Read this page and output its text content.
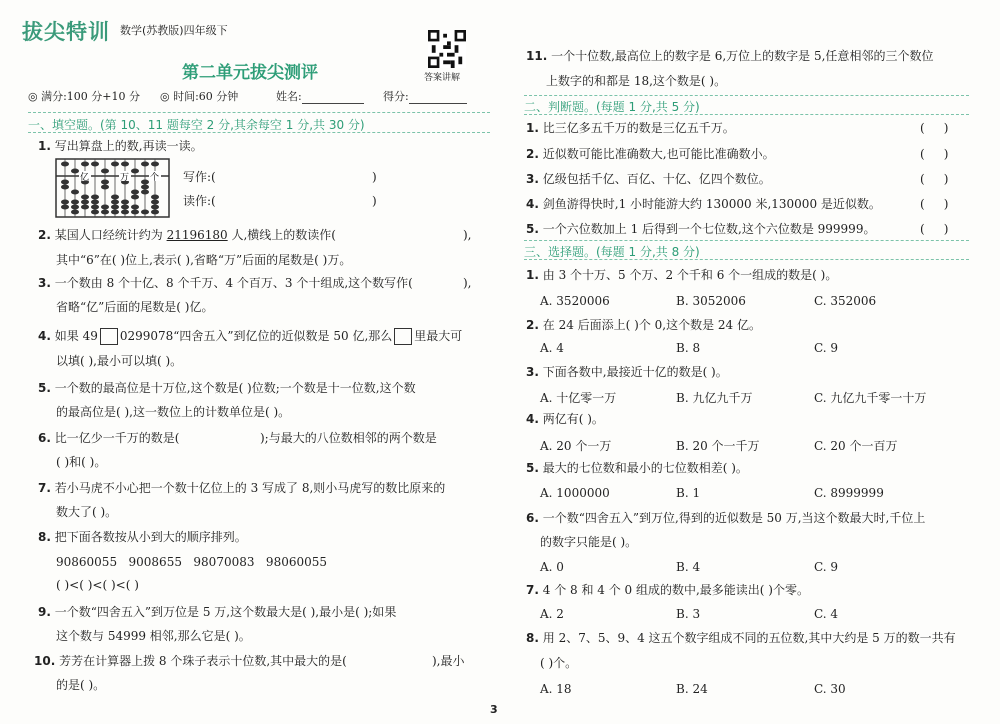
拔尖特训 数学(苏教版)四年级下
答案讲解
第二单元拔尖测评
◎ 满分:100 分+10 分 ◎ 时间:60 分钟	姓名:	得分:
一、填空题。(第 10、11 题每空 2 分,其余每空 1 分,共 30 分)
1. 写出算盘上的数,再读一读。
亿	万 个 写作:(	)
读作:(	)
2. 某国人口经统计约为 21196180 人,横线上的数读作(	),
其中“6”在( )位上,表示( ),省略“万”后面的尾数是( )万。
3. 一个数由 8 个十亿、8 个千万、4 个百万、3 个十组成,这个数写作(	),
省略“亿”后面的尾数是( )亿。
4. 如果 49 0299078“四舍五入”到亿位的近似数是 50 亿,那么 里最大可
以填( ),最小可以填( )。
5. 一个数的最高位是十万位,这个数是( )位数;一个数是十一位数,这个数
的最高位是( ),这一数位上的计数单位是( )。
6. 比一亿少一千万的数是(	);与最大的八位数相邻的两个数是
( )和( )。
7. 若小马虎不小心把一个数十亿位上的 3 写成了 8,则小马虎写的数比原来的
数大了( )。
8. 把下面各数按从小到大的顺序排列。
90860055   9008655   98070083   98060055
( )<( )<( )<( )
9. 一个数“四舍五入”到万位是 5 万,这个数最大是( ),最小是( );如果
这个数与 54999 相邻,那么它是( )。
10. 芳芳在计算器上拨 8 个珠子表示十位数,其中最大的是(	),最小
的是( )。
3
11. 一个十位数,最高位上的数字是 6,万位上的数字是 5,任意相邻的三个数位
上数字的和都是 18,这个数是( )。
二、判断题。(每题 1 分,共 5 分)
1. 比三亿多五千万的数是三亿五千万。	(     )
2. 近似数可能比准确数大,也可能比准确数小。	(     )
3. 亿级包括千亿、百亿、十亿、亿四个数位。	(     )
4. 剑鱼游得快时,1 小时能游大约 130000 米,130000 是近似数。	(     )
5. 一个六位数加上 1 后得到一个七位数,这个六位数是 999999。	(     )
三、选择题。(每题 1 分,共 8 分)
1. 由 3 个十万、5 个万、2 个千和 6 个一组成的数是( )。
A. 3520006	B. 3052006	C. 352006
2. 在 24 后面添上( )个 0,这个数是 24 亿。
A. 4	B. 8	C. 9
3. 下面各数中,最接近十亿的数是( )。
A. 十亿零一万	B. 九亿九千万	C. 九亿九千零一十万
4. 两亿有( )。
A. 20 个一万	B. 20 个一千万	C. 20 个一百万
5. 最大的七位数和最小的七位数相差( )。
A. 1000000	B. 1	C. 8999999
6. 一个数“四舍五入”到万位,得到的近似数是 50 万,当这个数最大时,千位上
的数字只能是( )。
A. 0	B. 4	C. 9
7. 4 个 8 和 4 个 0 组成的数中,最多能读出( )个零。
A. 2	B. 3	C. 4
8. 用 2、7、5、9、4 这五个数字组成不同的五位数,其中大约是 5 万的数一共有
( )个。
A. 18	B. 24	C. 30
